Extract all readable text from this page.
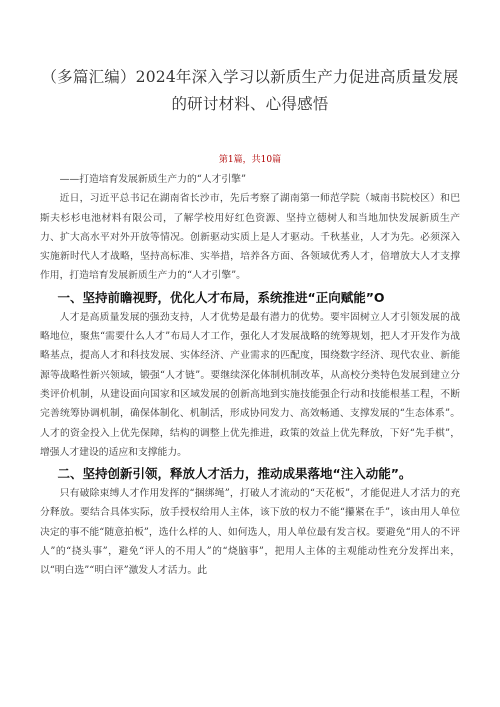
（多篇汇编）2024年深入学习以新质生产力促进高质量发展
的研讨材料、心得感悟
第1篇，共10篇

——打造培育发展新质生产力的“人才引擎”

近日，习近平总书记在湖南省长沙市，先后考察了湖南第一师范学院（城南书院校区）和巴斯夫杉杉电池材料有限公司，了解学校用好红色资源、坚持立德树人和当地加快发展新质生产力、扩大高水平对外开放等情况。创新驱动实质上是人才驱动。千秋基业，人才为先。必须深入实施新时代人才战略，坚持高标准、实举措，培养各方面、各领域优秀人才，倍增放大人才支撑作用，打造培育发展新质生产力的“人才引擎”。

一、坚持前瞻视野，优化人才布局，系统推进“正向赋能”O

人才是高质量发展的强劲支持，人才优势是最有潜力的优势。要牢固树立人才引领发展的战略地位，聚焦“需要什么人才”布局人才工作，强化人才发展战略的统筹规划，把人才开发作为战略基点，提高人才和科技发展、实体经济、产业需求的匹配度，围绕数字经济、现代农业、新能源等战略性新兴领域，锻强“人才链”。要继续深化体制机制改革，从高校分类特色发展到建立分类评价机制，从建设面向国家和区域发展的创新高地到实施技能强企行动和技能根基工程，不断完善统筹协调机制，确保体制化、机制活，形成协同发力、高效畅通、支撑发展的“生态体系”。人才的资金投入上优先保障，结构的调整上优先推进，政策的效益上优先释放，下好“先手棋”，增强人才建设的适应和支撑能力。

二、坚持创新引领，释放人才活力，推动成果落地“注入动能”。

只有破除束缚人才作用发挥的“捆绑绳”，打破人才流动的“天花板”，才能促进人才活力的充分释放。要结合具体实际，放手授权给用人主体，该下放的权力不能“攥紧在手”，该由用人单位决定的事不能“随意拍板”，选什么样的人、如何选人，用人单位最有发言权。要避免“用人的不评人”的“挠头事”，避免“评人的不用人”的“烧脑事”，把用人主体的主观能动性充分发挥出来，以“明白选”“明白评”激发人才活力。此
